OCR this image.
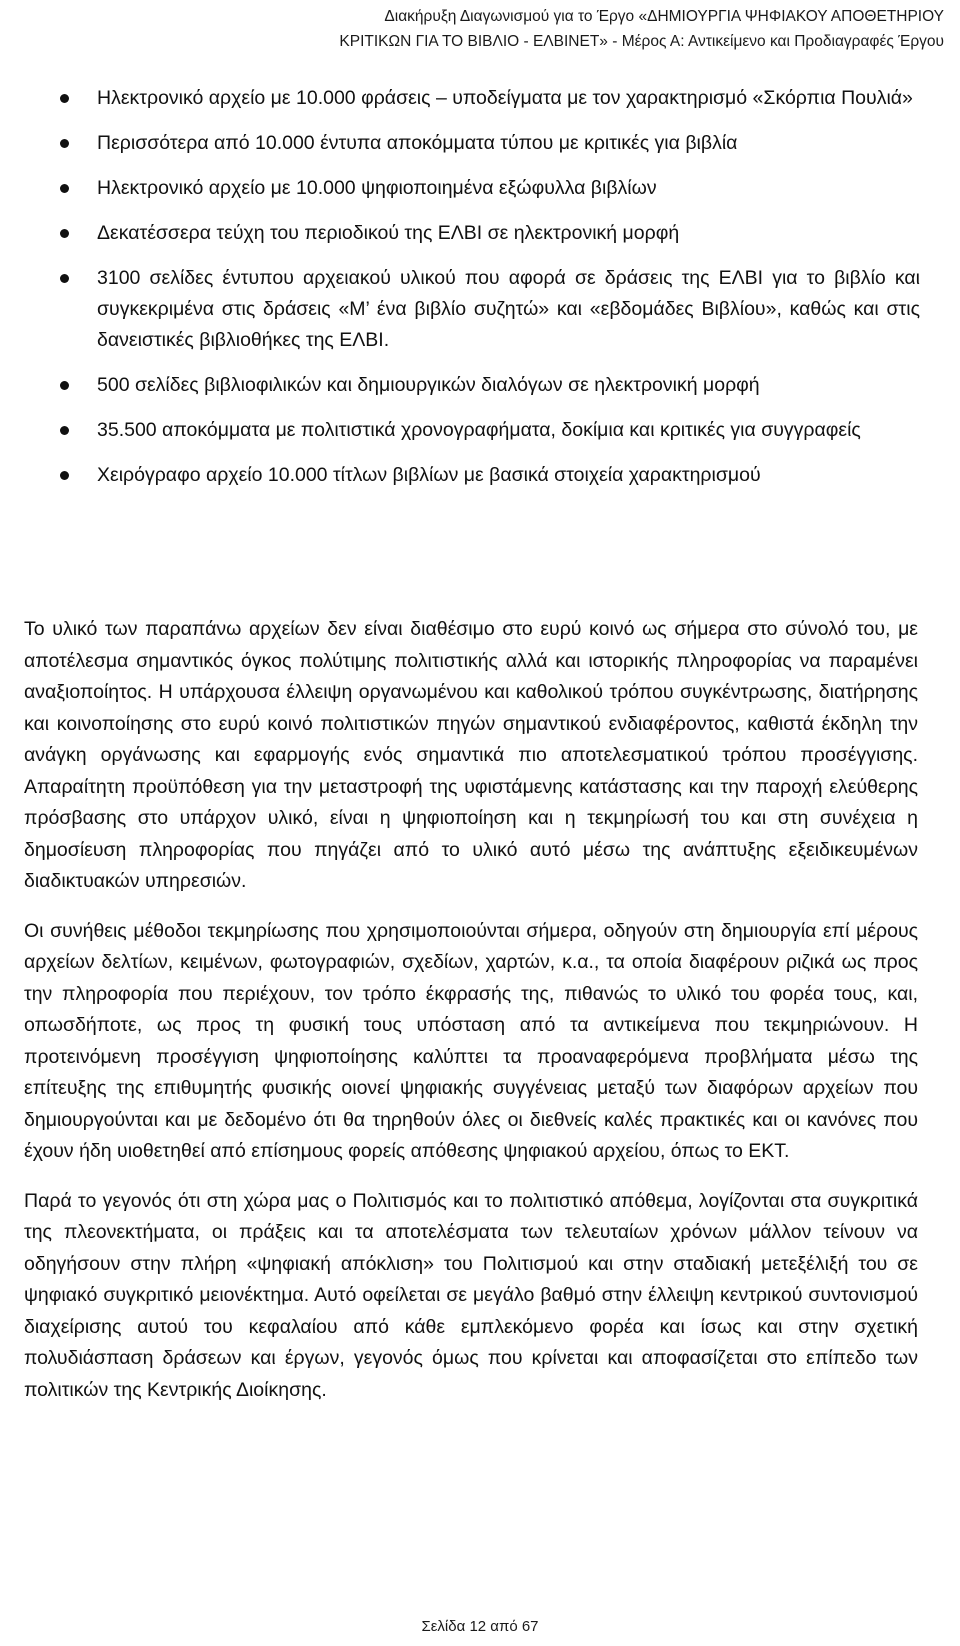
Διακήρυξη Διαγωνισμού για το Έργο «ΔΗΜΙΟΥΡΓΙΑ ΨΗΦΙΑΚΟΥ ΑΠΟΘΕΤΗΡΙΟΥ
ΚΡΙΤΙΚΩΝ ΓΙΑ ΤΟ ΒΙΒΛΙΟ - ΕΛΒΙΝΕΤ» - Μέρος Α: Αντικείμενο και Προδιαγραφές Έργου
Ηλεκτρονικό αρχείο με 10.000 φράσεις – υποδείγματα με τον χαρακτηρισμό «Σκόρπια Πουλιά»
Περισσότερα από 10.000 έντυπα αποκόμματα τύπου με κριτικές για βιβλία
Ηλεκτρονικό αρχείο με 10.000 ψηφιοποιημένα εξώφυλλα βιβλίων
Δεκατέσσερα τεύχη του περιοδικού της ΕΛΒΙ σε ηλεκτρονική μορφή
3100 σελίδες έντυπου αρχειακού υλικού που αφορά σε δράσεις της ΕΛΒΙ για το βιβλίο και συγκεκριμένα στις δράσεις «Μ’ ένα βιβλίο συζητώ» και «εβδομάδες Βιβλίου», καθώς και στις δανειστικές βιβλιοθήκες της ΕΛΒΙ.
500 σελίδες βιβλιοφιλικών και δημιουργικών διαλόγων σε ηλεκτρονική μορφή
35.500 αποκόμματα με πολιτιστικά χρονογραφήματα, δοκίμια και κριτικές για συγγραφείς
Χειρόγραφο αρχείο 10.000 τίτλων βιβλίων με βασικά στοιχεία χαρακτηρισμού

Το υλικό των παραπάνω αρχείων δεν είναι διαθέσιμο στο ευρύ κοινό ως σήμερα στο σύνολό του, με αποτέλεσμα σημαντικός όγκος πολύτιμης πολιτιστικής αλλά και ιστορικής πληροφορίας να παραμένει αναξιοποίητος. Η υπάρχουσα έλλειψη οργανωμένου και καθολικού τρόπου συγκέντρωσης, διατήρησης και κοινοποίησης στο ευρύ κοινό πολιτιστικών πηγών σημαντικού ενδιαφέροντος, καθιστά έκδηλη την ανάγκη οργάνωσης και εφαρμογής ενός σημαντικά πιο αποτελεσματικού τρόπου προσέγγισης. Απαραίτητη προϋπόθεση για την μεταστροφή της υφιστάμενης κατάστασης και την παροχή ελεύθερης πρόσβασης στο υπάρχον υλικό, είναι η ψηφιοποίηση και η τεκμηρίωσή του και στη συνέχεια η δημοσίευση πληροφορίας που πηγάζει από το υλικό αυτό μέσω της ανάπτυξης εξειδικευμένων διαδικτυακών υπηρεσιών.

Οι συνήθεις μέθοδοι τεκμηρίωσης που χρησιμοποιούνται σήμερα, οδηγούν στη δημιουργία επί μέρους αρχείων δελτίων, κειμένων, φωτογραφιών, σχεδίων, χαρτών, κ.α., τα οποία διαφέρουν ριζικά ως προς την πληροφορία που περιέχουν, τον τρόπο έκφρασής της, πιθανώς το υλικό του φορέα τους, και, οπωσδήποτε, ως προς τη φυσική τους υπόσταση από τα αντικείμενα που τεκμηριώνουν. Η προτεινόμενη προσέγγιση ψηφιοποίησης καλύπτει τα προαναφερόμενα προβλήματα μέσω της επίτευξης της επιθυμητής φυσικής οιονεί ψηφιακής συγγένειας μεταξύ των διαφόρων αρχείων που δημιουργούνται και με δεδομένο ότι θα τηρηθούν όλες οι διεθνείς καλές πρακτικές και οι κανόνες που έχουν ήδη υιοθετηθεί από επίσημους φορείς απόθεσης ψηφιακού αρχείου, όπως το ΕΚΤ.

Παρά το γεγονός ότι στη χώρα μας ο Πολιτισμός και το πολιτιστικό απόθεμα, λογίζονται στα συγκριτικά της πλεονεκτήματα, οι πράξεις και τα αποτελέσματα των τελευταίων χρόνων μάλλον τείνουν να οδηγήσουν στην πλήρη «ψηφιακή απόκλιση» του Πολιτισμού και στην σταδιακή μετεξέλιξή του σε ψηφιακό συγκριτικό μειονέκτημα. Αυτό οφείλεται σε μεγάλο βαθμό στην έλλειψη κεντρικού συντονισμού διαχείρισης αυτού του κεφαλαίου από κάθε εμπλεκόμενο φορέα και ίσως και στην σχετική πολυδιάσπαση δράσεων και έργων, γεγονός όμως που κρίνεται και αποφασίζεται στο επίπεδο των πολιτικών της Κεντρικής Διοίκησης.

Σελίδα 12 από 67
